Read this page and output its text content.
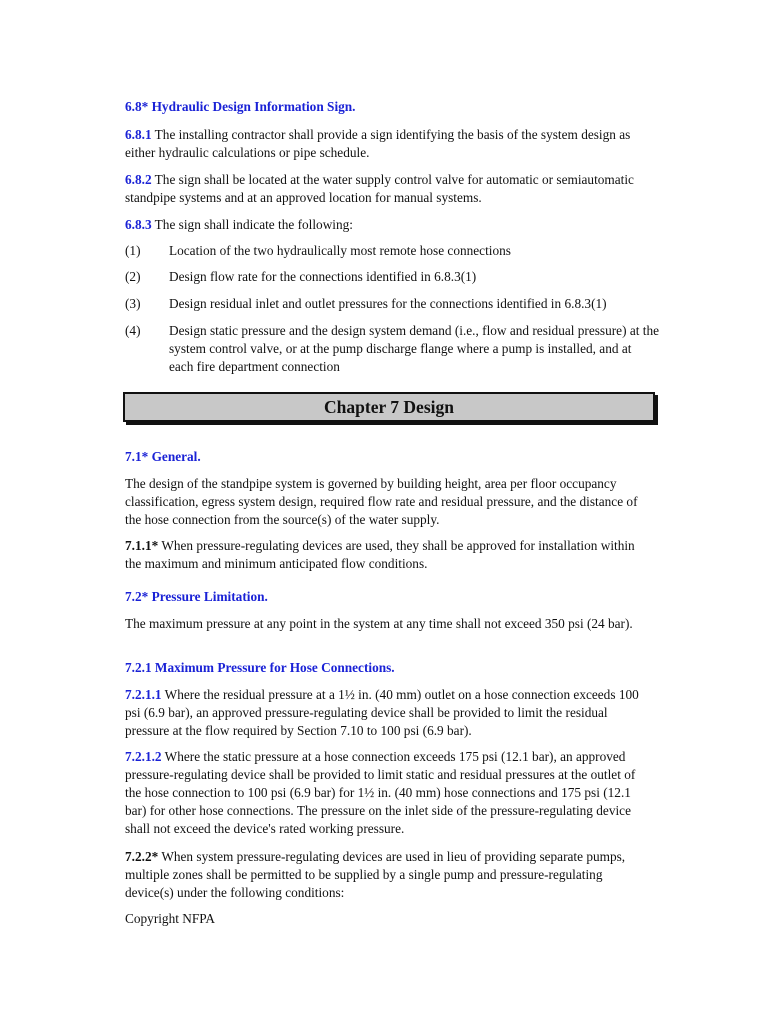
6.8* Hydraulic Design Information Sign.
6.8.1 The installing contractor shall provide a sign identifying the basis of the system design as either hydraulic calculations or pipe schedule.
6.8.2 The sign shall be located at the water supply control valve for automatic or semiautomatic standpipe systems and at an approved location for manual systems.
6.8.3 The sign shall indicate the following:
(1) Location of the two hydraulically most remote hose connections
(2) Design flow rate for the connections identified in 6.8.3(1)
(3) Design residual inlet and outlet pressures for the connections identified in 6.8.3(1)
(4) Design static pressure and the design system demand (i.e., flow and residual pressure) at the system control valve, or at the pump discharge flange where a pump is installed, and at each fire department connection
Chapter 7 Design
7.1* General.
The design of the standpipe system is governed by building height, area per floor occupancy classification, egress system design, required flow rate and residual pressure, and the distance of the hose connection from the source(s) of the water supply.
7.1.1* When pressure-regulating devices are used, they shall be approved for installation within the maximum and minimum anticipated flow conditions.
7.2* Pressure Limitation.
The maximum pressure at any point in the system at any time shall not exceed 350 psi (24 bar).
7.2.1 Maximum Pressure for Hose Connections.
7.2.1.1 Where the residual pressure at a 1½ in. (40 mm) outlet on a hose connection exceeds 100 psi (6.9 bar), an approved pressure-regulating device shall be provided to limit the residual pressure at the flow required by Section 7.10 to 100 psi (6.9 bar).
7.2.1.2 Where the static pressure at a hose connection exceeds 175 psi (12.1 bar), an approved pressure-regulating device shall be provided to limit static and residual pressures at the outlet of the hose connection to 100 psi (6.9 bar) for 1½ in. (40 mm) hose connections and 175 psi (12.1 bar) for other hose connections. The pressure on the inlet side of the pressure-regulating device shall not exceed the device's rated working pressure.
7.2.2* When system pressure-regulating devices are used in lieu of providing separate pumps, multiple zones shall be permitted to be supplied by a single pump and pressure-regulating device(s) under the following conditions:
Copyright NFPA
